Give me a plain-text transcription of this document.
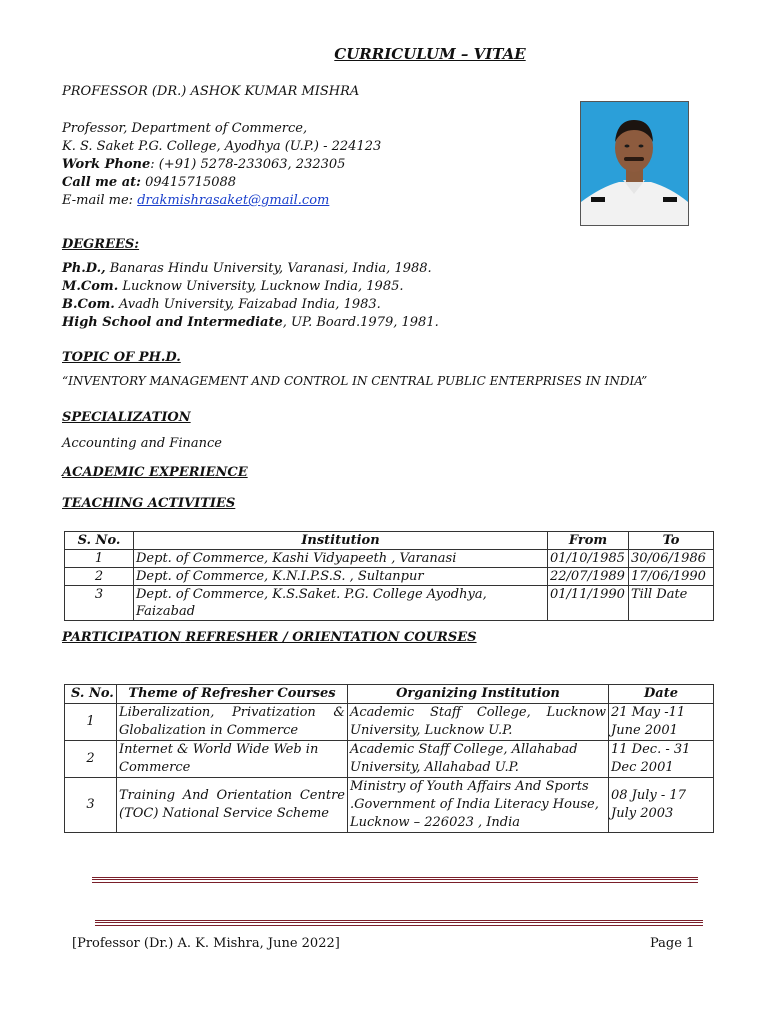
CURRICULUM – VITAE
PROFESSOR (DR.) ASHOK KUMAR MISHRA
Professor, Department of Commerce,
K. S. Saket P.G. College, Ayodhya (U.P.) - 224123
Work Phone: (+91) 5278-233063, 232305
Call me at: 09415715088
E-mail me: drakmishrasaket@gmail.com
DEGREES:
Ph.D., Banaras Hindu University, Varanasi, India, 1988.
M.Com. Lucknow University, Lucknow India, 1985.
B.Com. Avadh University, Faizabad India, 1983.
High School and Intermediate, UP. Board.1979, 1981.
TOPIC OF PH.D.
“INVENTORY MANAGEMENT AND CONTROL IN CENTRAL PUBLIC ENTERPRISES IN INDIA”
SPECIALIZATION
Accounting and Finance
ACADEMIC EXPERIENCE
TEACHING ACTIVITIES
S. No.	Institution	From	To
1	Dept. of Commerce, Kashi Vidyapeeth , Varanasi	01/10/1985	30/06/1986
2	Dept. of Commerce, K.N.I.P.S.S. , Sultanpur	22/07/1989	17/06/1990
3	Dept. of Commerce, K.S.Saket. P.G. College Ayodhya, Faizabad	01/11/1990	Till Date
PARTICIPATION REFRESHER / ORIENTATION COURSES
S. No.	Theme of Refresher Courses	Organizing Institution	Date
1	Liberalization, Privatization & Globalization in Commerce	Academic Staff College, Lucknow University, Lucknow U.P.	21 May -11 June 2001
2	Internet & World Wide Web in Commerce	Academic Staff College, Allahabad University, Allahabad U.P.	11 Dec. - 31 Dec 2001
3	Training And Orientation Centre (TOC) National Service Scheme	Ministry of Youth Affairs And Sports .Government of India Literacy House, Lucknow – 226023 , India	08 July - 17 July 2003
[Professor (Dr.) A. K. Mishra, June 2022]	Page 1
